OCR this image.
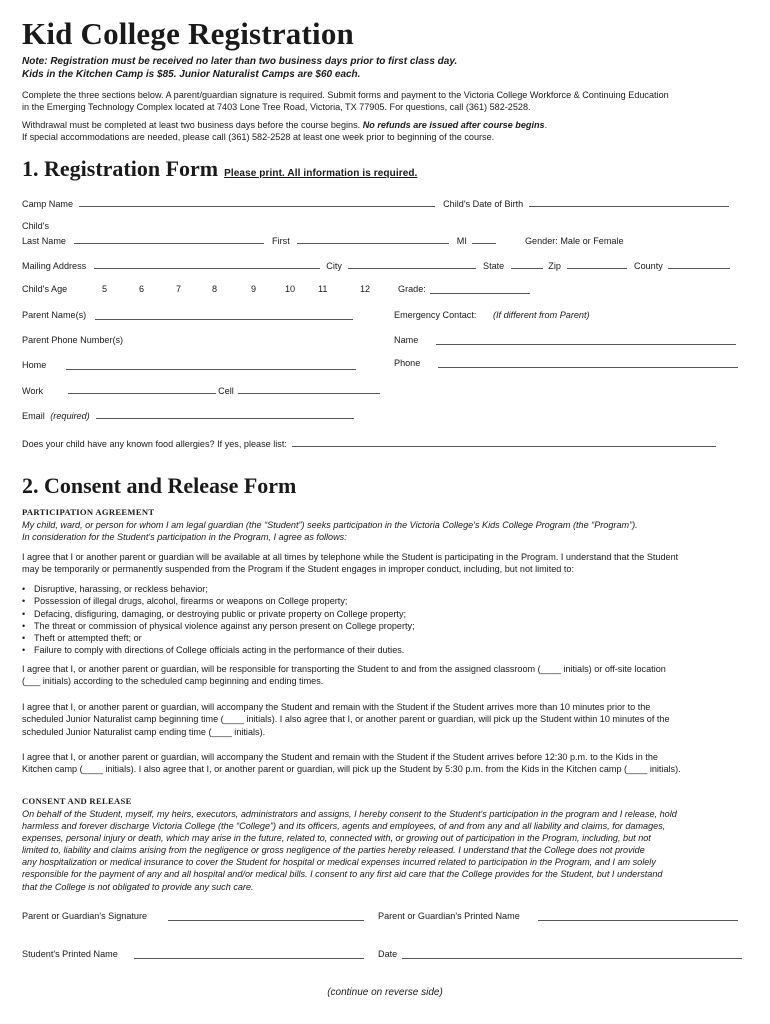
Kid College Registration
Note: Registration must be received no later than two business days prior to first class day.
Kids in the Kitchen Camp is $85. Junior Naturalist Camps are $60 each.
Complete the three sections below. A parent/guardian signature is required. Submit forms and payment to the Victoria College Workforce & Continuing Education
in the Emerging Technology Complex located at 7403 Lone Tree Road, Victoria, TX 77905. For questions, call (361) 582-2528.
Withdrawal must be completed at least two business days before the course begins. No refunds are issued after course begins.
If special accommodations are needed, please call (361) 582-2528 at least one week prior to beginning of the course.
1. Registration Form Please print. All information is required.
Camp Name	Child's Date of Birth
Child's
Last Name	First	MI	Gender: Male or Female
Mailing Address	City	State	Zip	County
Child's Age	5	6	7	8	9	10	11	12	Grade:
Parent Name(s)	Emergency Contact: (If different from Parent)
Parent Phone Number(s)	Name
Home	Phone
Work	Cell
Email (required)
Does your child have any known food allergies? If yes, please list:
2. Consent and Release Form
PARTICIPATION AGREEMENT
My child, ward, or person for whom I am legal guardian (the “Student”) seeks participation in the Victoria College's Kids College Program (the “Program”).
In consideration for the Student's participation in the Program, I agree as follows:
I agree that I or another parent or guardian will be available at all times by telephone while the Student is participating in the Program. I understand that the Student
may be temporarily or permanently suspended from the Program if the Student engages in improper conduct, including, but not limited to:
• Disruptive, harassing, or reckless behavior;
• Possession of illegal drugs, alcohol, firearms or weapons on College property;
• Defacing, disfiguring, damaging, or destroying public or private property on College property;
• The threat or commission of physical violence against any person present on College property;
• Theft or attempted theft; or
• Failure to comply with directions of College officials acting in the performance of their duties.
I agree that I, or another parent or guardian, will be responsible for transporting the Student to and from the assigned classroom (____ initials) or off-site location
(___ initials) according to the scheduled camp beginning and ending times.
I agree that I, or another parent or guardian, will accompany the Student and remain with the Student if the Student arrives more than 10 minutes prior to the
scheduled Junior Naturalist camp beginning time (____ initials). I also agree that I, or another parent or guardian, will pick up the Student within 10 minutes of the
scheduled Junior Naturalist camp ending time (____ initials).
I agree that I, or another parent or guardian, will accompany the Student and remain with the Student if the Student arrives before 12:30 p.m. to the Kids in the
Kitchen camp (____ initials). I also agree that I, or another parent or guardian, will pick up the Student by 5:30 p.m. from the Kids in the Kitchen camp (____ initials).
CONSENT AND RELEASE
On behalf of the Student, myself, my heirs, executors, administrators and assigns, I hereby consent to the Student's participation in the program and I release, hold
harmless and forever discharge Victoria College (the “College”) and its officers, agents and employees, of and from any and all liability and claims, for damages,
expenses, personal injury or death, which may arise in the future, related to, connected with, or growing out of participation in the Program, including, but not
limited to, liability and claims arising from the negligence or gross negligence of the parties hereby released. I understand that the College does not provide
any hospitalization or medical insurance to cover the Student for hospital or medical expenses incurred related to participation in the Program, and I am solely
responsible for the payment of any and all hospital and/or medical bills. I consent to any first aid care that the College provides for the Student, but I understand
that the College is not obligated to provide any such care.
Parent or Guardian's Signature	Parent or Guardian's Printed Name
Student's Printed Name	Date
(continue on reverse side)
